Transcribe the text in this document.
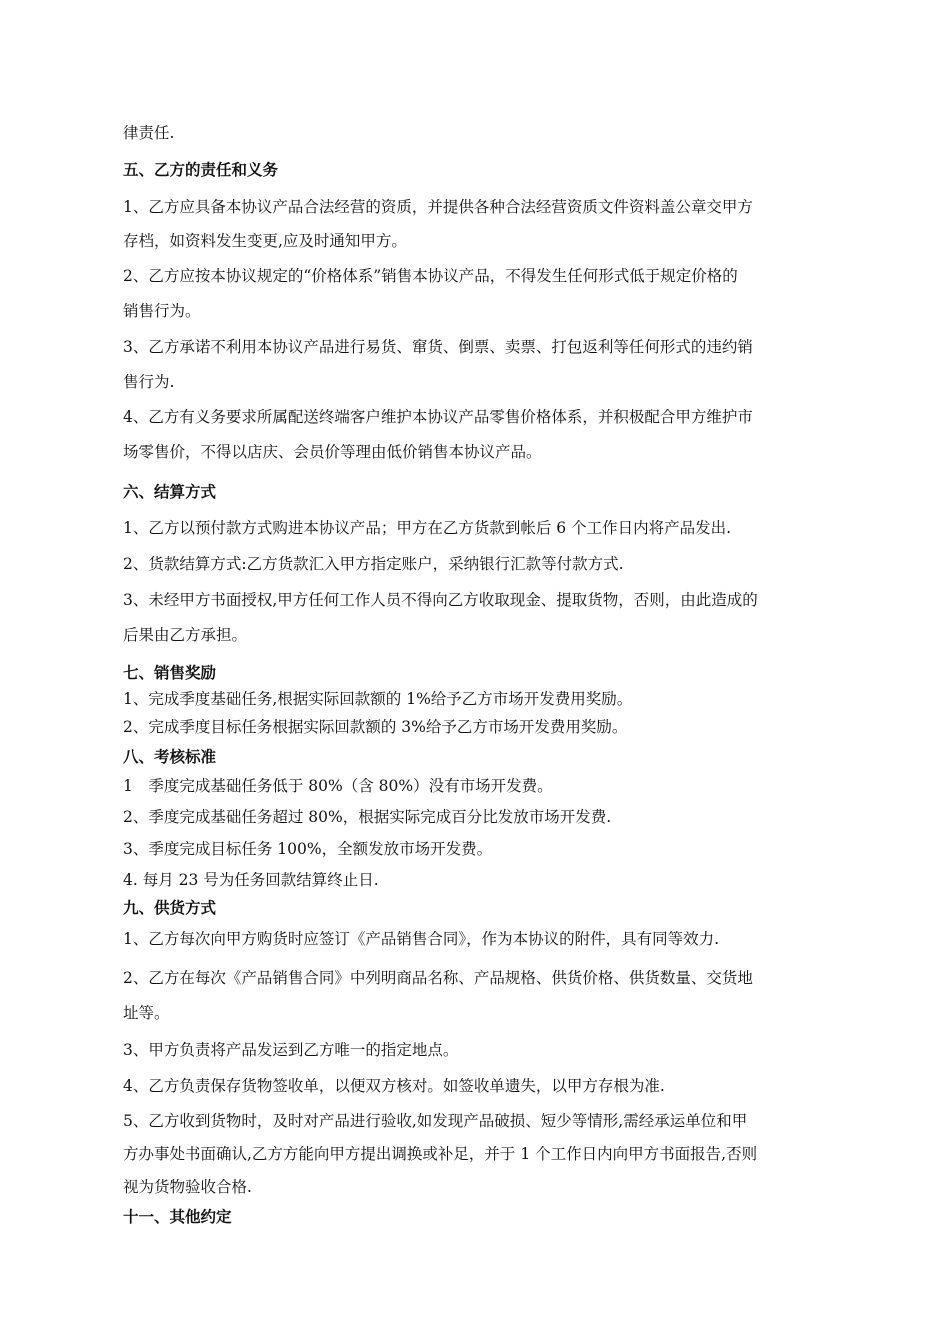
律责任.
五、乙方的责任和义务
1、乙方应具备本协议产品合法经营的资质，并提供各种合法经营资质文件资料盖公章交甲方
存档，如资料发生变更,应及时通知甲方。
2、乙方应按本协议规定的“价格体系”销售本协议产品，不得发生任何形式低于规定价格的
销售行为。
3、乙方承诺不利用本协议产品进行易货、窜货、倒票、卖票、打包返利等任何形式的违约销
售行为.
4、乙方有义务要求所属配送终端客户维护本协议产品零售价格体系，并积极配合甲方维护市
场零售价，不得以店庆、会员价等理由低价销售本协议产品。
六、结算方式
1、乙方以预付款方式购进本协议产品；甲方在乙方货款到帐后 6 个工作日内将产品发出.
2、货款结算方式:乙方货款汇入甲方指定账户，采纳银行汇款等付款方式.
3、未经甲方书面授权,甲方任何工作人员不得向乙方收取现金、提取货物，否则，由此造成的
后果由乙方承担。
七、销售奖励
1、完成季度基础任务,根据实际回款额的 1%给予乙方市场开发费用奖励。
2、完成季度目标任务根据实际回款额的 3%给予乙方市场开发费用奖励。
八、考核标准
1　季度完成基础任务低于 80%（含 80%）没有市场开发费。
2、季度完成基础任务超过 80%，根据实际完成百分比发放市场开发费.
3、季度完成目标任务 100%，全额发放市场开发费。
4. 每月 23 号为任务回款结算终止日.
九、供货方式
1、乙方每次向甲方购货时应签订《产品销售合同》，作为本协议的附件，具有同等效力.
2、乙方在每次《产品销售合同》中列明商品名称、产品规格、供货价格、供货数量、交货地
址等。
3、甲方负责将产品发运到乙方唯一的指定地点。
4、乙方负责保存货物签收单，以便双方核对。如签收单遗失，以甲方存根为准.
5、乙方收到货物时，及时对产品进行验收,如发现产品破损、短少等情形,需经承运单位和甲
方办事处书面确认,乙方方能向甲方提出调换或补足，并于 1 个工作日内向甲方书面报告,否则
视为货物验收合格.
十一、其他约定
